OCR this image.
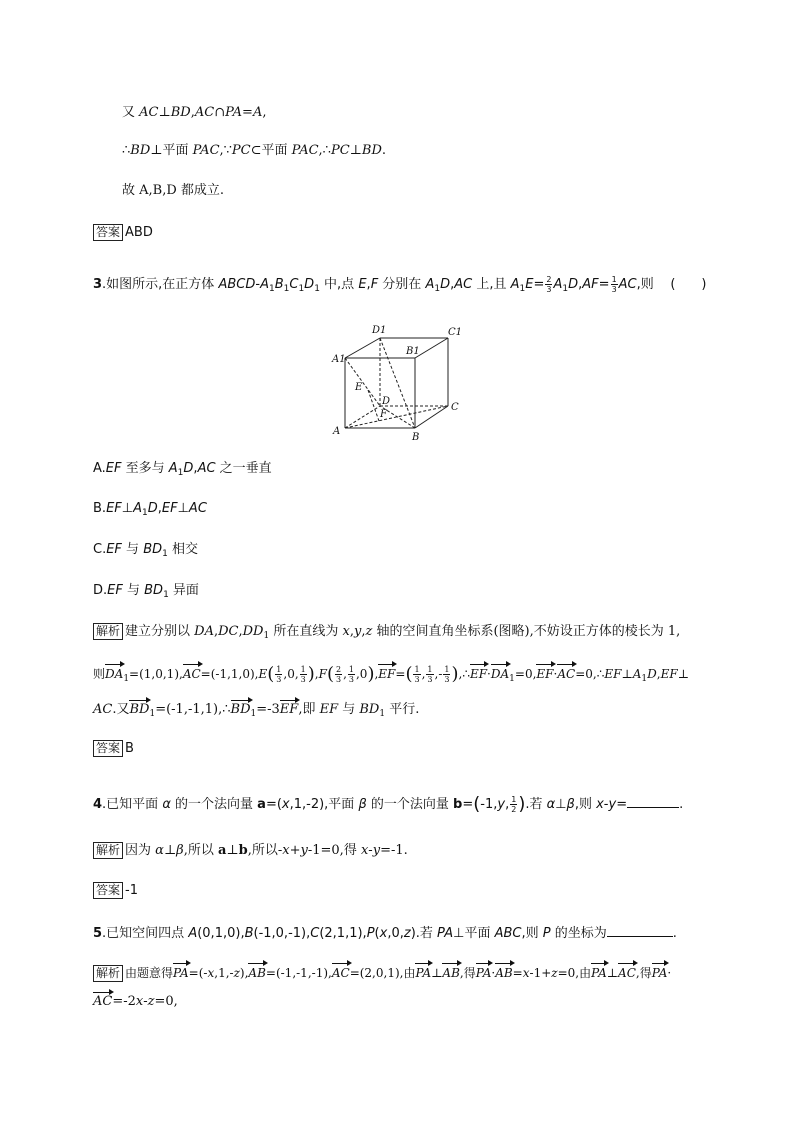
又 AC⊥BD,AC∩PA=A,
∴BD⊥平面 PAC,∵PC⊂平面 PAC,∴PC⊥BD.
故 A,B,D 都成立.
答案 ABD
3.如图所示,在正方体 ABCD-$A_1B_1C_1D_1$ 中,点 E,F 分别在 $A_1D,AC$ 上,且 $A_1E= \frac{2}{3} A_1D,AF= \frac{1}{3}$ AC,则    (　　)
A
B
C
D
A1
B1
C1
D1
E
F
A.EF 至多与 $A_1D,AC$ 之一垂直
$B.EF\perp A_1D,EF\perp AC$
C.EF 与 $BD_1$ 相交
D.EF 与 $BD_1$ 异面
解析 建立分别以 $DA,DC,DD_1$ 所在直线为 x,y,z 轴的空间直角坐标系(图略),不妨设正方体的棱长为 1,
则$DA_1=(1,0,1),AC=(-1,1,0),E( \frac{1}{3} ,0$, $\frac{1}{3} ),F( \frac{2}{3}$ , $\frac{1}{3} ,0),EF=( \frac{1}{3}$ , $\frac{1}{3}$ ,- $\frac{1}{3}$ )$,\therefore EF\cdot DA_1=0,EF\cdot AC=0,\therefore EF\perp A_1D,EF\perp$
AC.又$BD_1=(-1,-1,1),\therefore BD_1=-3EF$,即 EF 与 $BD_1$ 平行.
答案 B
4.已知平面 α 的一个法向量 a=(x,1,-2),平面 β 的一个法向量 b=(-1,y, $\frac{1}{2}$ ).若 α⊥β,则 x-y=	.
解析 因为 α⊥β,所以 a⊥b,所以-x+y-1=0,得 x-y=-1.
答案 -1
5.已知空间四点 A(0,1,0),B(-1,0,-1),C(2,1,1),P(x,0,z).若 PA⊥平面 ABC,则 P 的坐标为	.
解析 由题意得PA=(-x,1,-z),AB=(-1,-1,-1),AC=(2,0,1),由PA⊥AB,得PA·AB=x-1+z=0,由PA⊥AC,得PA·
AC=-2x-z=0,
